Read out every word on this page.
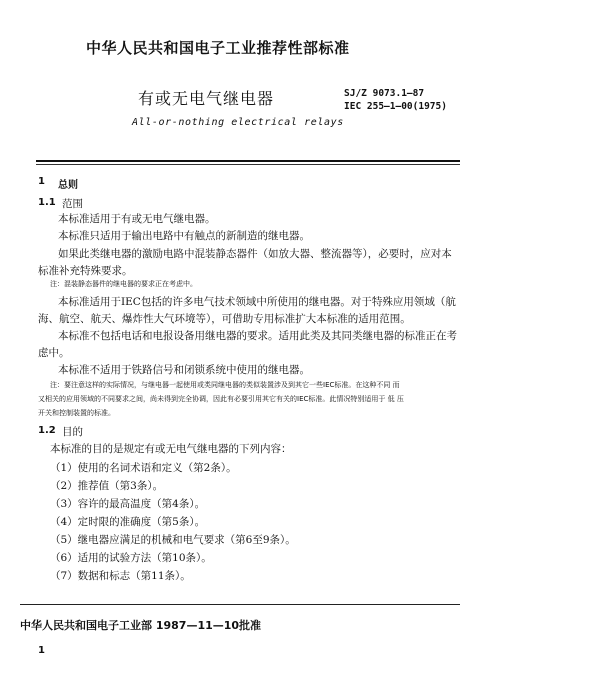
中华人民共和国电子工业推荐性部标准
有或无电气继电器
All-or-nothing electrical relays
SJ/Z 9073.1—87
IEC 255—1—00(1975)
1 总则
1.1 范围
本标准适用于有或无电气继电器。
本标准只适用于输出电路中有触点的新制造的继电器。
如果此类继电器的激励电路中混装静态器件（如放大器、整流器等），必要时，应对本
标准补充特殊要求。
注：混装静态器件的继电器的要求正在考虑中。
本标准适用于IEC包括的许多电气技术领域中所使用的继电器。对于特殊应用领域（航
海、航空、航天、爆炸性大气环境等），可借助专用标准扩大本标准的适用范围。
本标准不包括电话和电报设备用继电器的要求。适用此类及其同类继电器的标准正在考
虑中。
本标准不适用于铁路信号和闭锁系统中使用的继电器。
注：要注意这样的实际情况，与继电器一起使用或类同继电器的类似装置涉及到其它一些IEC标准。在这种不同 而
又相关的应用领域的不同要求之间，尚未得到完全协调，因此有必要引用其它有关的IEC标准。此情况特别适用于 低 压
开关和控制装置的标准。
1.2 目的
本标准的目的是规定有或无电气继电器的下列内容：
（1）使用的名词术语和定义（第2条）。
（2）推荐值（第3条）。
（3）容许的最高温度（第4条）。
（4）定时限的准确度（第5条）。
（5）继电器应满足的机械和电气要求（第6至9条）。
（6）适用的试验方法（第10条）。
（7）数据和标志（第11条）。
中华人民共和国电子工业部 1987—11—10批准
1
